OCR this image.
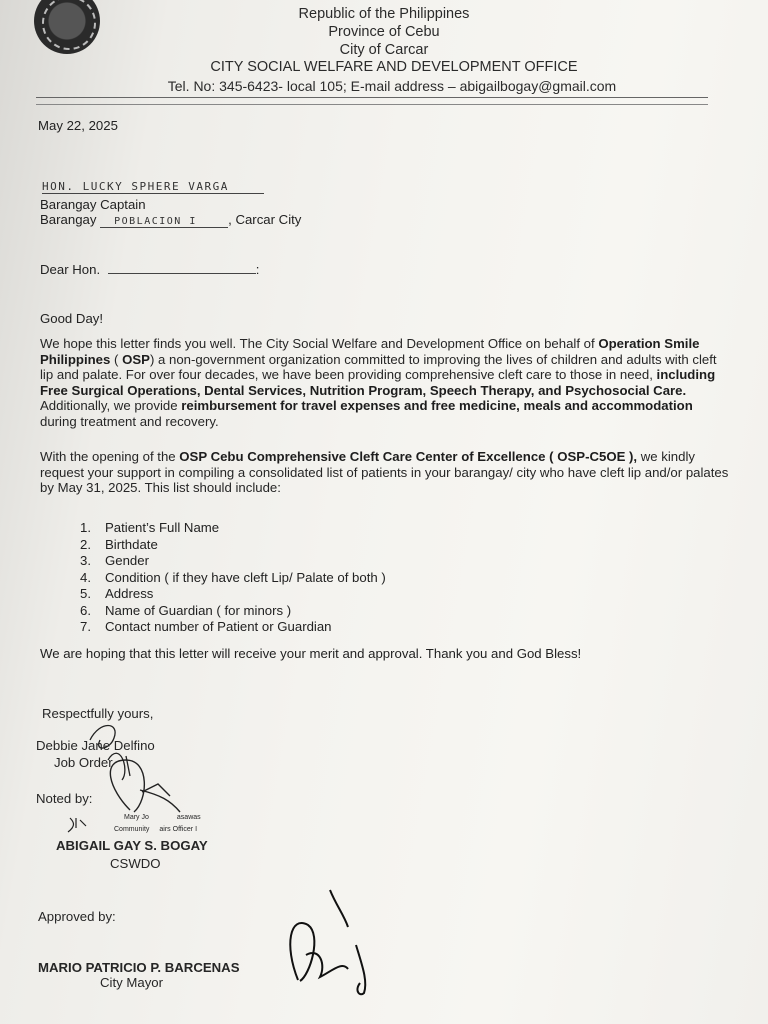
Republic of the Philippines
Province of Cebu
City of Carcar
CITY SOCIAL WELFARE AND DEVELOPMENT OFFICE
Tel. No: 345-6423- local 105; E-mail address – abigailbogay@gmail.com
May 22, 2025
HON. LUCKY SPHERE VARGA
Barangay Captain
Barangay POBLACION I , Carcar City
Dear Hon.	:
Good Day!
We hope this letter finds you well. The City Social Welfare and Development Office on behalf of Operation Smile Philippines ( OSP) a non-government organization committed to improving the lives of children and adults with cleft lip and palate. For over four decades, we have been providing comprehensive cleft care to those in need, including Free Surgical Operations, Dental Services, Nutrition Program, Speech Therapy, and Psychosocial Care. Additionally, we provide reimbursement for travel expenses and free medicine, meals and accommodation during treatment and recovery.
With the opening of the OSP Cebu Comprehensive Cleft Care Center of Excellence ( OSP-C5OE ), we kindly request your support in compiling a consolidated list of patients in your barangay/ city who have cleft lip and/or palates by May 31, 2025. This list should include:
1. Patient’s Full Name
2. Birthdate
3. Gender
4. Condition ( if they have cleft Lip/ Palate of both )
5. Address
6. Name of Guardian ( for minors )
7. Contact number of Patient or Guardian
We are hoping that this letter will receive your merit and approval. Thank you and God Bless!
Respectfully yours,
Debbie Jane Delfino
Job Order
Noted by:
Mary Jo	asawas
Community airs Officer I
ABIGAIL GAY S. BOGAY
CSWDO
Approved by:
MARIO PATRICIO P. BARCENAS
City Mayor
